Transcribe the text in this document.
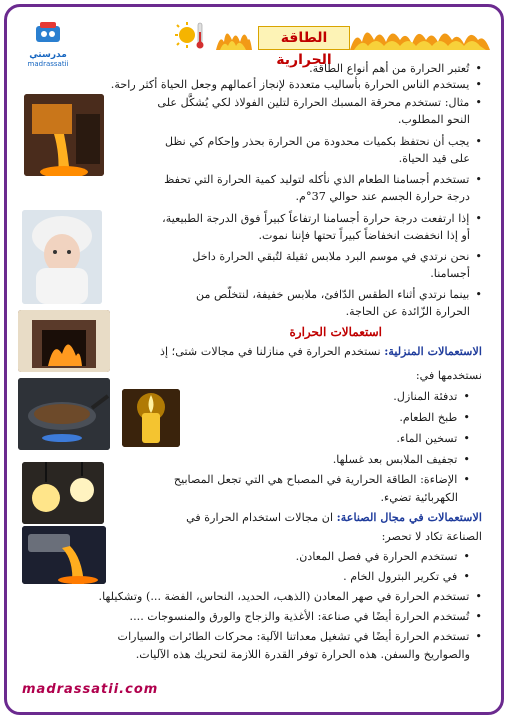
مدرستي
madrassatii
الطاقة الحرارية
• تُعتبر الحرارة من أهم أنواع الطاقة.
• يستخدم الناس الحرارة بأساليب متعددة لإنجاز أعمالهم وجعل الحياة أكثر راحة.
• مثال: تستخدم محرقة المسبك الحرارة لتلين الفولاذ لكي يُشكَّل على
النحو المطلوب.
• يجب أن نحتفظ بكميات محدودة من الحرارة بحذر وإحكام كي نظل
على قيد الحياة.
• تستخدم أجسامنا الطعام الذي نأكله لتوليد كمية الحرارة التي تحفظ
درجة حرارة الجسم عند حوالي 37°م.
• إذا ارتفعت درجة حرارة أجسامنا ارتفاعاً كبيراً فوق الدرجة الطبيعية،
أو إذا انخفضت انخفاضاً كبيراً تحتها فإننا نموت.
• نحن نرتدي في موسم البرد ملابس ثقيلة لتُبقي الحرارة داخل
أجسامنا.
• بينما نرتدي أثناء الطقس الدّافئ، ملابس خفيفة، لنتخلّص من
الحرارة الزّائدة عن الحاجة.
استعمالات الحرارة
الاستعمالات المنزلية: نستخدم الحرارة في منازلنا في مجالات شتى؛ إذ
نستخدمها في:
• تدفئة المنازل.
• طبخ الطعام.
• تسخين الماء.
• تجفيف الملابس بعد غسلها.
• الإضاءة: الطاقة الحرارية في المصباح هي التي تجعل المصابيح
الكهربائية تضيء.
الاستعمالات في مجال الصناعة: ان مجالات استخدام الحرارة في
الصناعة تكاد لا تحصر:
• تستخدم الحرارة في فصل المعادن.
• في تكرير البترول الخام .
• تستخدم الحرارة في صهر المعادن (الذهب، الحديد، النحاس، الفضة ...) وتشكيلها.
• تُستخدم الحرارة أيضًا في صناعة: الأغذية والزجاج والورق والمنسوجات ....
• تستخدم الحرارة أيضًا في تشغيل معداتنا الآلية: محركات الطائرات والسيارات
والصواريخ والسفن. هذه الحرارة توفر القدرة اللازمة لتحريك هذه الآليات.
madrassatii.com
